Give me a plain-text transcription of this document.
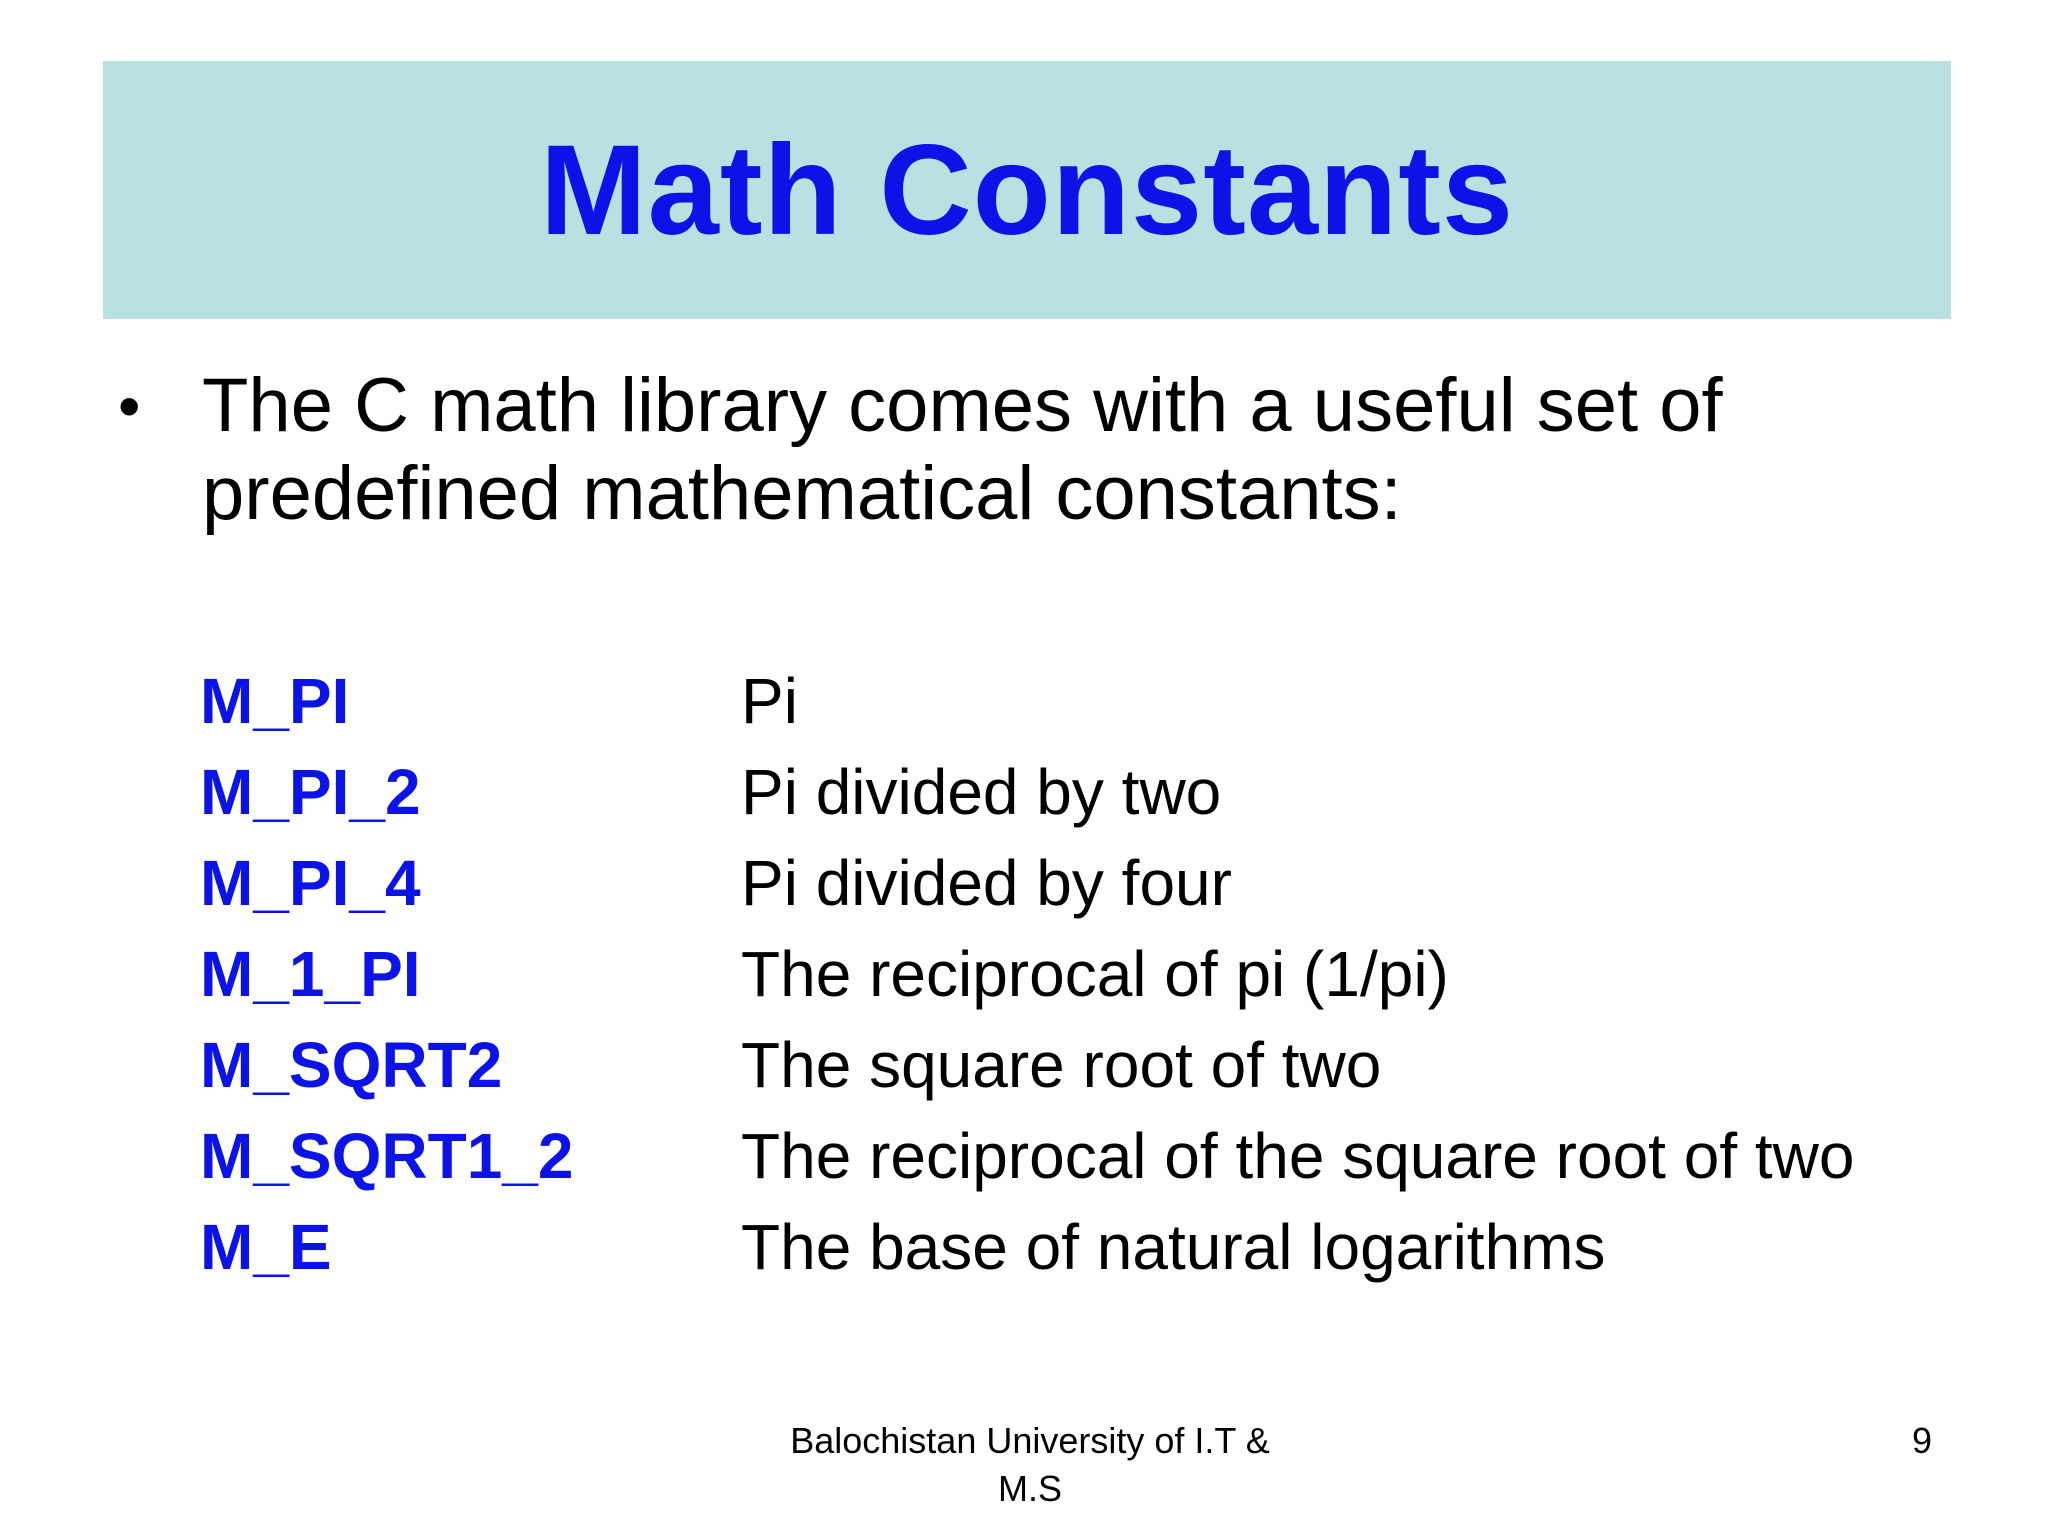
Math Constants
• The C math library comes with a useful set of
predefined mathematical constants:
M_PI	Pi
M_PI_2	Pi divided by two
M_PI_4	Pi divided by four
M_1_PI	The reciprocal of pi (1/pi)
M_SQRT2	The square root of two
M_SQRT1_2	The reciprocal of the square root of two
M_E	The base of natural logarithms
Balochistan University of I.T &
M.S
9
